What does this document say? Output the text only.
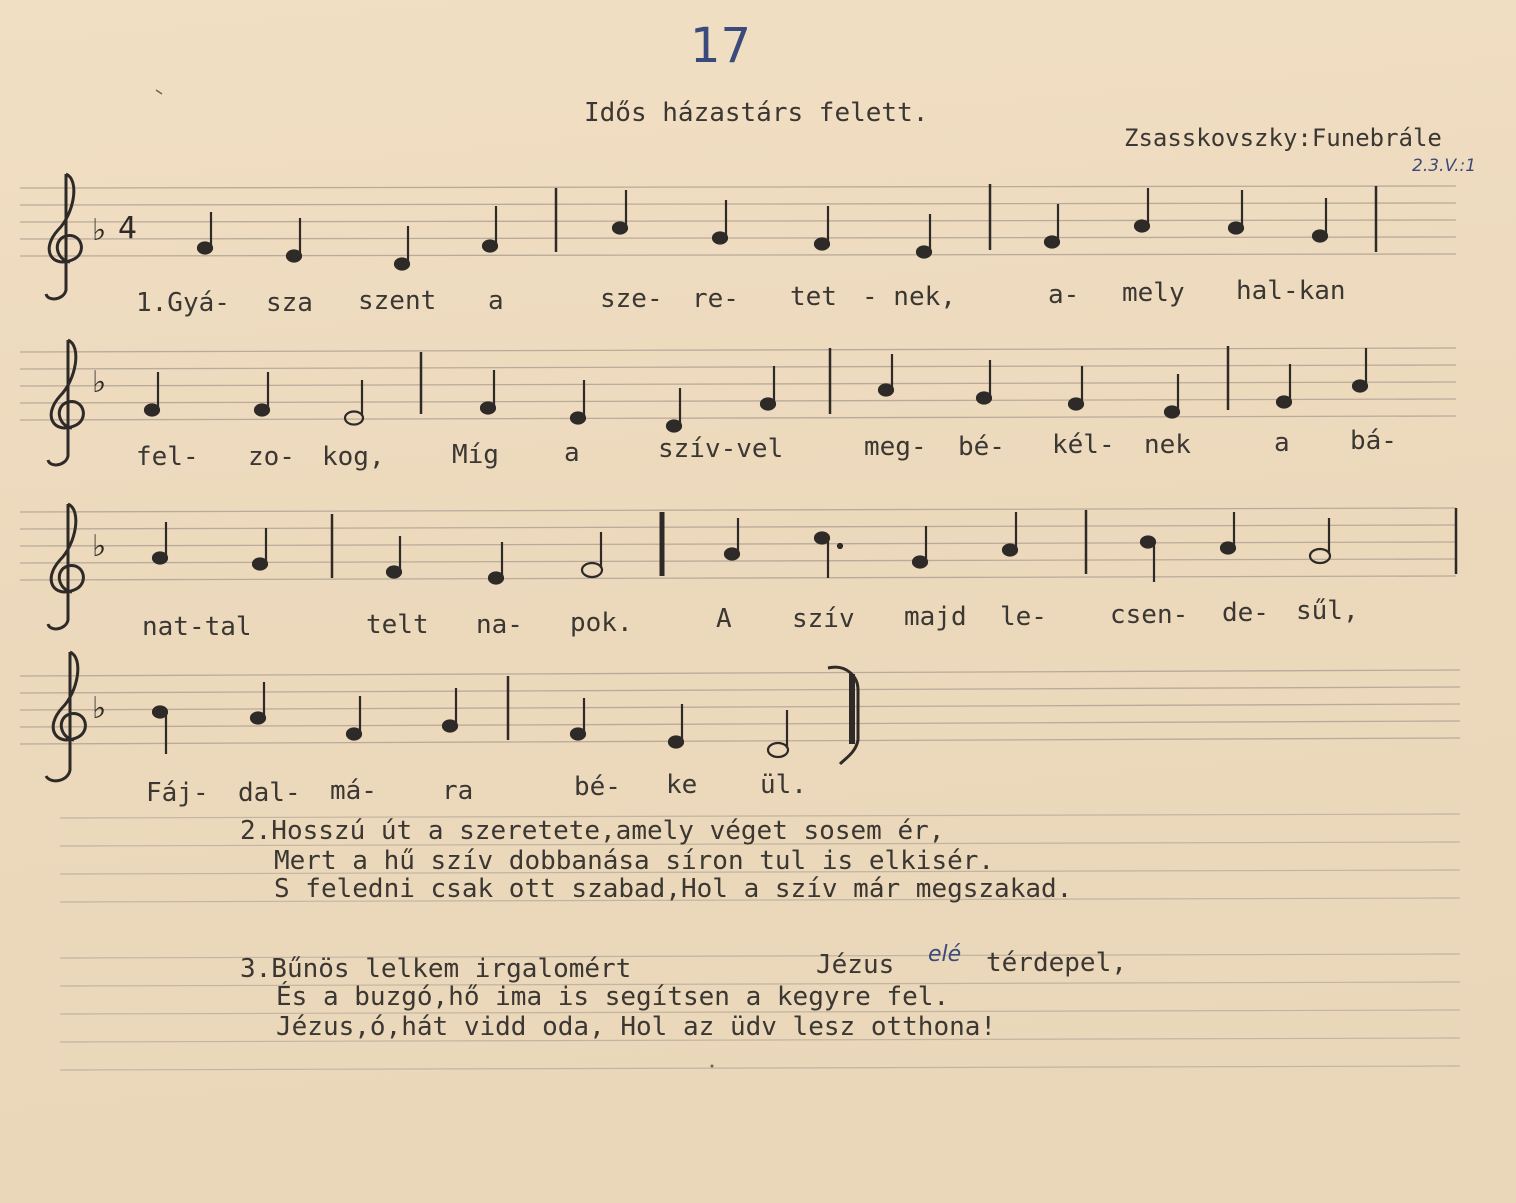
17
Idős házastárs felett.
Zsasskovszky:Funebrále
2.3.V.:1
♭ 4
♭
♭
♭
1.Gyá- sza szent a	sze- re- tet - nek,	a- mely hal-kan
fel- zo- kog,	Míg	a	szív-vel	meg- bé- kél- nek	a bá-
nat-tal	telt na- pok.	A szív majd le- csen- de- sűl,
Fáj- dal- má-	ra	bé- ke ül.
2.Hosszú út a szeretete,amely véget sosem ér,
Mert a hű szív dobbanása síron tul is elkisér.
S feledni csak ott szabad,Hol a szív már megszakad.
3.Bűnös lelkem irgalomért	Jézus elé térdepel,
És a buzgó,hő ima is segítsen a kegyre fel.
Jézus,ó,hát vidd oda, Hol az üdv lesz otthona!
